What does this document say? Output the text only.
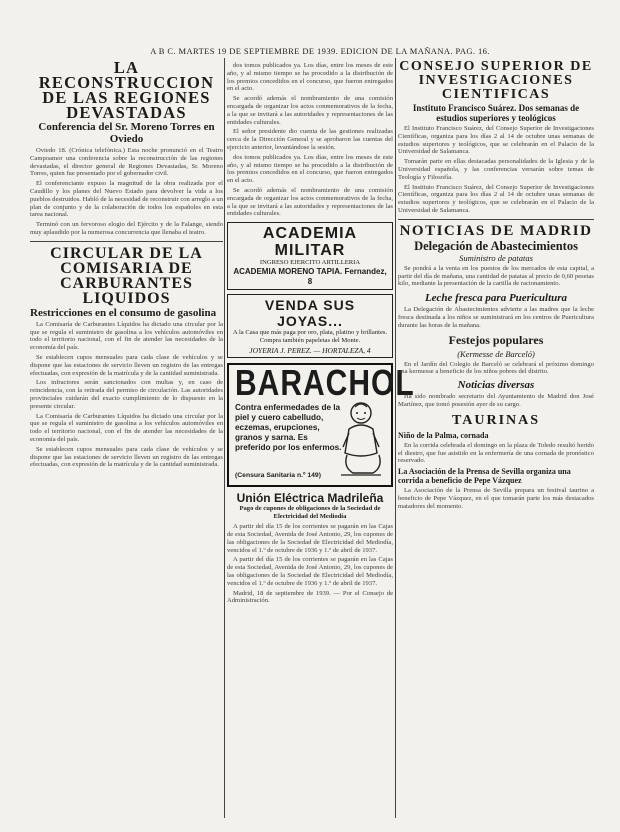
A B C. MARTES 19 DE SEPTIEMBRE DE 1939. EDICION DE LA MAÑANA. PAG. 16.
LA RECONSTRUCCION DE LAS REGIONES DEVASTADAS
Conferencia del Sr. Moreno Torres en Oviedo

Oviedo 18. (Crónica telefónica.) Esta noche pronunció en el Teatro Campoamor una conferencia sobre la reconstrucción de las regiones devastadas, el director general de Regiones Devastadas, Sr. Moreno Torres, quien fue presentado por el gobernador civil.

El conferenciante expuso la magnitud de la obra realizada por el Caudillo y los planes del Nuevo Estado para devolver la vida a los pueblos destruidos. Habló de la necesidad de reconstruir con arreglo a un plan de conjunto y de la colaboración de todos los españoles en esta tarea nacional.

Terminó con un fervoroso elogio del Ejército y de la Falange, siendo muy aplaudido por la numerosa concurrencia que llenaba el teatro.

CIRCULAR DE LA COMISARIA DE CARBURANTES LIQUIDOS
Restricciones en el consumo de gasolina

La Comisaría de Carburantes Líquidos ha dictado una circular por la que se regula el suministro de gasolina a los vehículos automóviles en todo el territorio nacional, con el fin de atender las necesidades de la economía del país.

Se establecen cupos mensuales para cada clase de vehículos y se dispone que las estaciones de servicio lleven un registro de las entregas efectuadas, con expresión de la matrícula y de la cantidad suministrada.

Los infractores serán sancionados con multas y, en caso de reincidencia, con la retirada del permiso de circulación. Las autoridades provinciales cuidarán del exacto cumplimiento de lo dispuesto en la presente circular.

La Comisaría de Carburantes Líquidos ha dictado una circular por la que se regula el suministro de gasolina a los vehículos automóviles en todo el territorio nacional, con el fin de atender las necesidades de la economía del país.

Se establecen cupos mensuales para cada clase de vehículos y se dispone que las estaciones de servicio lleven un registro de las entregas efectuadas, con expresión de la matrícula y de la cantidad suministrada.

dos tomos publicados ya. Los días, entre los meses de este año, y al mismo tiempo se ha procedido a la distribución de los premios concedidos en el concurso, que fueron entregados en el acto.

Se acordó además el nombramiento de una comisión encargada de organizar los actos conmemorativos de la fecha, a la que se invitará a las autoridades y representaciones de las entidades culturales.

El señor presidente dio cuenta de las gestiones realizadas cerca de la Dirección General y se aprobaron las cuentas del ejercicio anterior, levantándose la sesión.

dos tomos publicados ya. Los días, entre los meses de este año, y al mismo tiempo se ha procedido a la distribución de los premios concedidos en el concurso, que fueron entregados en el acto.

Se acordó además el nombramiento de una comisión encargada de organizar los actos conmemorativos de la fecha, a la que se invitará a las autoridades y representaciones de las entidades culturales.

ACADEMIA MILITAR
INGRESO EJERCITO ARTILLERIA
ACADEMIA MORENO TAPIA. Fernandez, 8
VENDA SUS JOYAS...
A la Casa que más paga por oro, plata, platino y brillantes. Compra también papeletas del Monte.
JOYERIA J. PEREZ. — HORTALEZA, 4
BARACHOL
Contra enfermedades de la piel y cuero cabelludo, eczemas, erupciones, granos y sarna. Es preferido por los enfermos.
(Censura Sanitaria n.º 149)
Unión Eléctrica Madrileña
Pago de cupones de obligaciones de la Sociedad de Electricidad del Mediodía

A partir del día 15 de los corrientes se pagarán en las Cajas de esta Sociedad, Avenida de José Antonio, 29, los cupones de las obligaciones de la Sociedad de Electricidad del Mediodía, vencidos el 1.º de octubre de 1936 y 1.º de abril de 1937.

A partir del día 15 de los corrientes se pagarán en las Cajas de esta Sociedad, Avenida de José Antonio, 29, los cupones de las obligaciones de la Sociedad de Electricidad del Mediodía, vencidos el 1.º de octubre de 1936 y 1.º de abril de 1937.

Madrid, 18 de septiembre de 1939. — Por el Consejo de Administración.

CONSEJO SUPERIOR DE INVESTIGACIONES CIENTIFICAS
Instituto Francisco Suárez. Dos semanas de estudios superiores y teológicos

El Instituto Francisco Suárez, del Consejo Superior de Investigaciones Científicas, organiza para los días 2 al 14 de octubre unas semanas de estudios superiores y teológicos, que se celebrarán en el Palacio de la Universidad de Salamanca.

Tomarán parte en ellas destacadas personalidades de la Iglesia y de la Universidad española, y las conferencias versarán sobre temas de Teología y Filosofía.

El Instituto Francisco Suárez, del Consejo Superior de Investigaciones Científicas, organiza para los días 2 al 14 de octubre unas semanas de estudios superiores y teológicos, que se celebrarán en el Palacio de la Universidad de Salamanca.

NOTICIAS DE MADRID
Delegación de Abastecimientos
Suministro de patatas

Se pondrá a la venta en los puestos de los mercados de esta capital, a partir del día de mañana, una cantidad de patatas al precio de 0,60 pesetas kilo, mediante la presentación de la cartilla de racionamiento.

Leche fresca para Puericultura

La Delegación de Abastecimientos advierte a las madres que la leche fresca destinada a los niños se suministrará en los centros de Puericultura durante las horas de la mañana.

Festejos populares
(Kermesse de Barceló)

En el Jardín del Colegio de Barceló se celebrará el próximo domingo una kermesse a beneficio de los niños pobres del distrito.

Noticias diversas

Ha sido nombrado secretario del Ayuntamiento de Madrid don José Martínez, que tomó posesión ayer de su cargo.

TAURINAS
Niño de la Palma, cornada

En la corrida celebrada el domingo en la plaza de Toledo resultó herido el diestro, que fue asistido en la enfermería de una cornada de pronóstico reservado.

La Asociación de la Prensa de Sevilla organiza una corrida a beneficio de Pepe Vázquez

La Asociación de la Prensa de Sevilla prepara un festival taurino a beneficio de Pepe Vázquez, en el que tomarán parte los más destacados matadores del momento.
